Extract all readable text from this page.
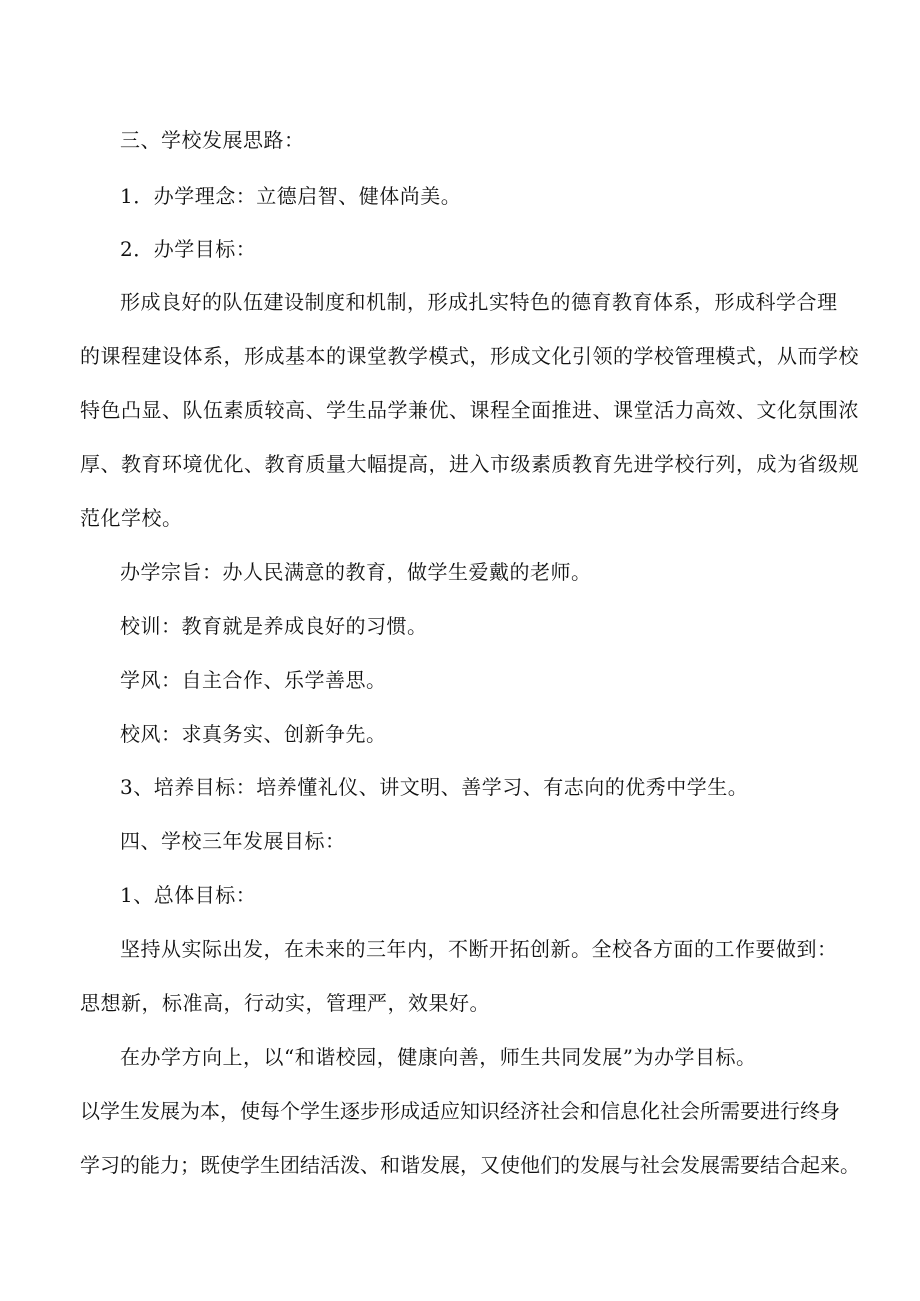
三、学校发展思路：
1．办学理念：立德启智、健体尚美。
2．办学目标：
形成良好的队伍建设制度和机制，形成扎实特色的德育教育体系，形成科学合理
的课程建设体系，形成基本的课堂教学模式，形成文化引领的学校管理模式，从而学校
特色凸显、队伍素质较高、学生品学兼优、课程全面推进、课堂活力高效、文化氛围浓
厚、教育环境优化、教育质量大幅提高，进入市级素质教育先进学校行列，成为省级规
范化学校。
办学宗旨：办人民满意的教育，做学生爱戴的老师。
校训：教育就是养成良好的习惯。
学风：自主合作、乐学善思。
校风：求真务实、创新争先。
3、培养目标：培养懂礼仪、讲文明、善学习、有志向的优秀中学生。
四、学校三年发展目标：
1、总体目标：
坚持从实际出发，在未来的三年内，不断开拓创新。全校各方面的工作要做到：
思想新，标准高，行动实，管理严，效果好。
在办学方向上，以“和谐校园，健康向善，师生共同发展”为办学目标。
以学生发展为本，使每个学生逐步形成适应知识经济社会和信息化社会所需要进行终身
学习的能力；既使学生团结活泼、和谐发展，又使他们的发展与社会发展需要结合起来。
